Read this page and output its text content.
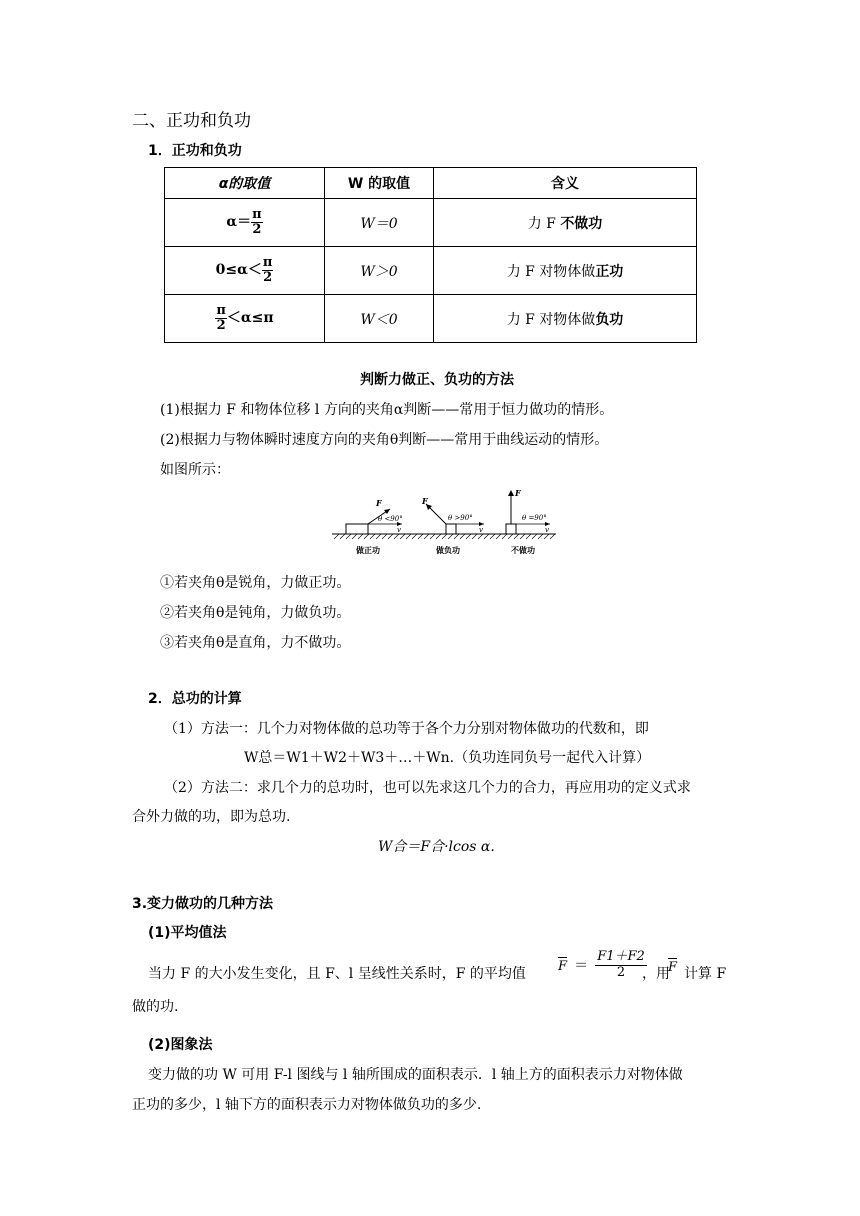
二、正功和负功
1．正功和负功
α的取值	W 的取值	含义
$\alpha= \frac{\pi}{2}$	W＝0	力 F 不做功
$0\le\alpha< \frac{\pi}{2}$	W＞0	力 F 对物体做正功

$\frac{\pi}{2} <\alpha\le\pi$	W＜0	力 F 对物体做负功
判断力做正、负功的方法
(1)根据力 F 和物体位移 l 方向的夹角α判断——常用于恒力做功的情形。
(2)根据力与物体瞬时速度方向的夹角θ判断——常用于曲线运动的情形。
如图所示：
F
θ <90°
v
F
θ >90°
v
F
θ =90°
v
做正功	做负功	不做功
①若夹角θ是锐角，力做正功。
②若夹角θ是钝角，力做负功。
③若夹角θ是直角，力不做功。
2．总功的计算
（1）方法一：几个力对物体做的总功等于各个力分别对物体做功的代数和，即
W总＝W1＋W2＋W3＋…＋Wn.（负功连同负号一起代入计算）
（2）方法二：求几个力的总功时，也可以先求这几个力的合力，再应用功的定义式求
合外力做的功，即为总功.
W合＝F合·lcos α.
3.变力做功的几种方法
(1)平均值法
当力 F 的大小发生变化，且 F、l 呈线性关系时，F 的平均值 $F = \frac{F1+F2}{2}$
，用
F 计算 F
做的功.
(2)图象法
变力做的功 W 可用 F-l 图线与 l 轴所围成的面积表示．l 轴上方的面积表示力对物体做
正功的多少，l 轴下方的面积表示力对物体做负功的多少.
